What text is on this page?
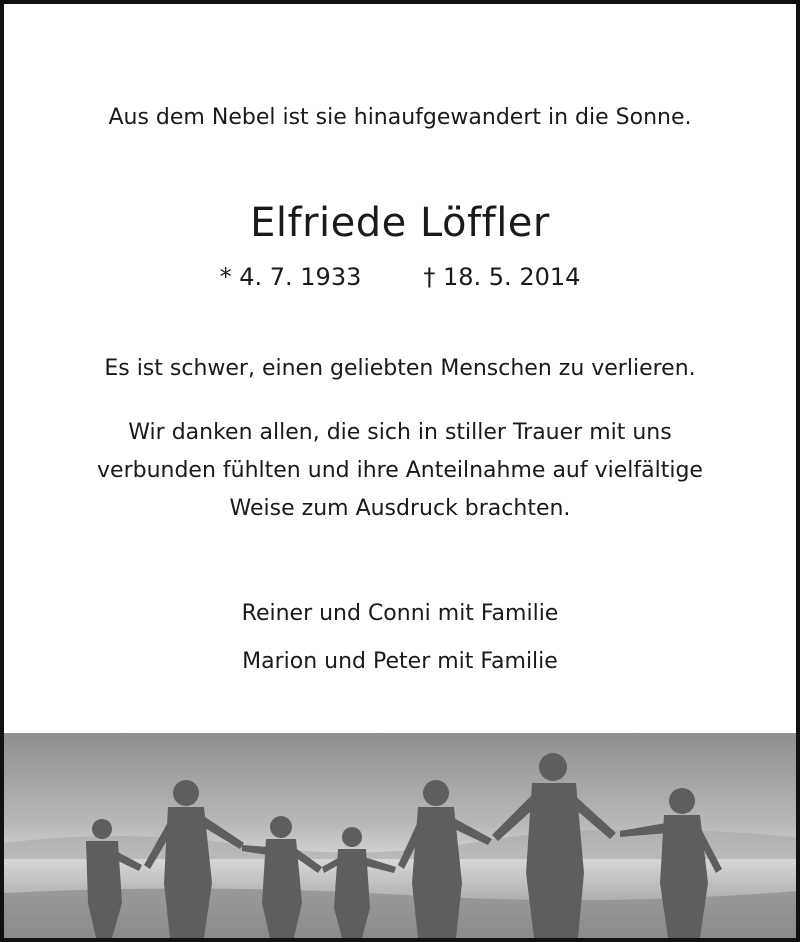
Aus dem Nebel ist sie hinaufgewandert in die Sonne.
Elfriede Löffler
* 4. 7. 1933	† 18. 5. 2014
Es ist schwer, einen geliebten Menschen zu verlieren.
Wir danken allen, die sich in stiller Trauer mit uns
verbunden fühlten und ihre Anteilnahme auf vielfältige
Weise zum Ausdruck brachten.
Reiner und Conni mit Familie
Marion und Peter mit Familie
